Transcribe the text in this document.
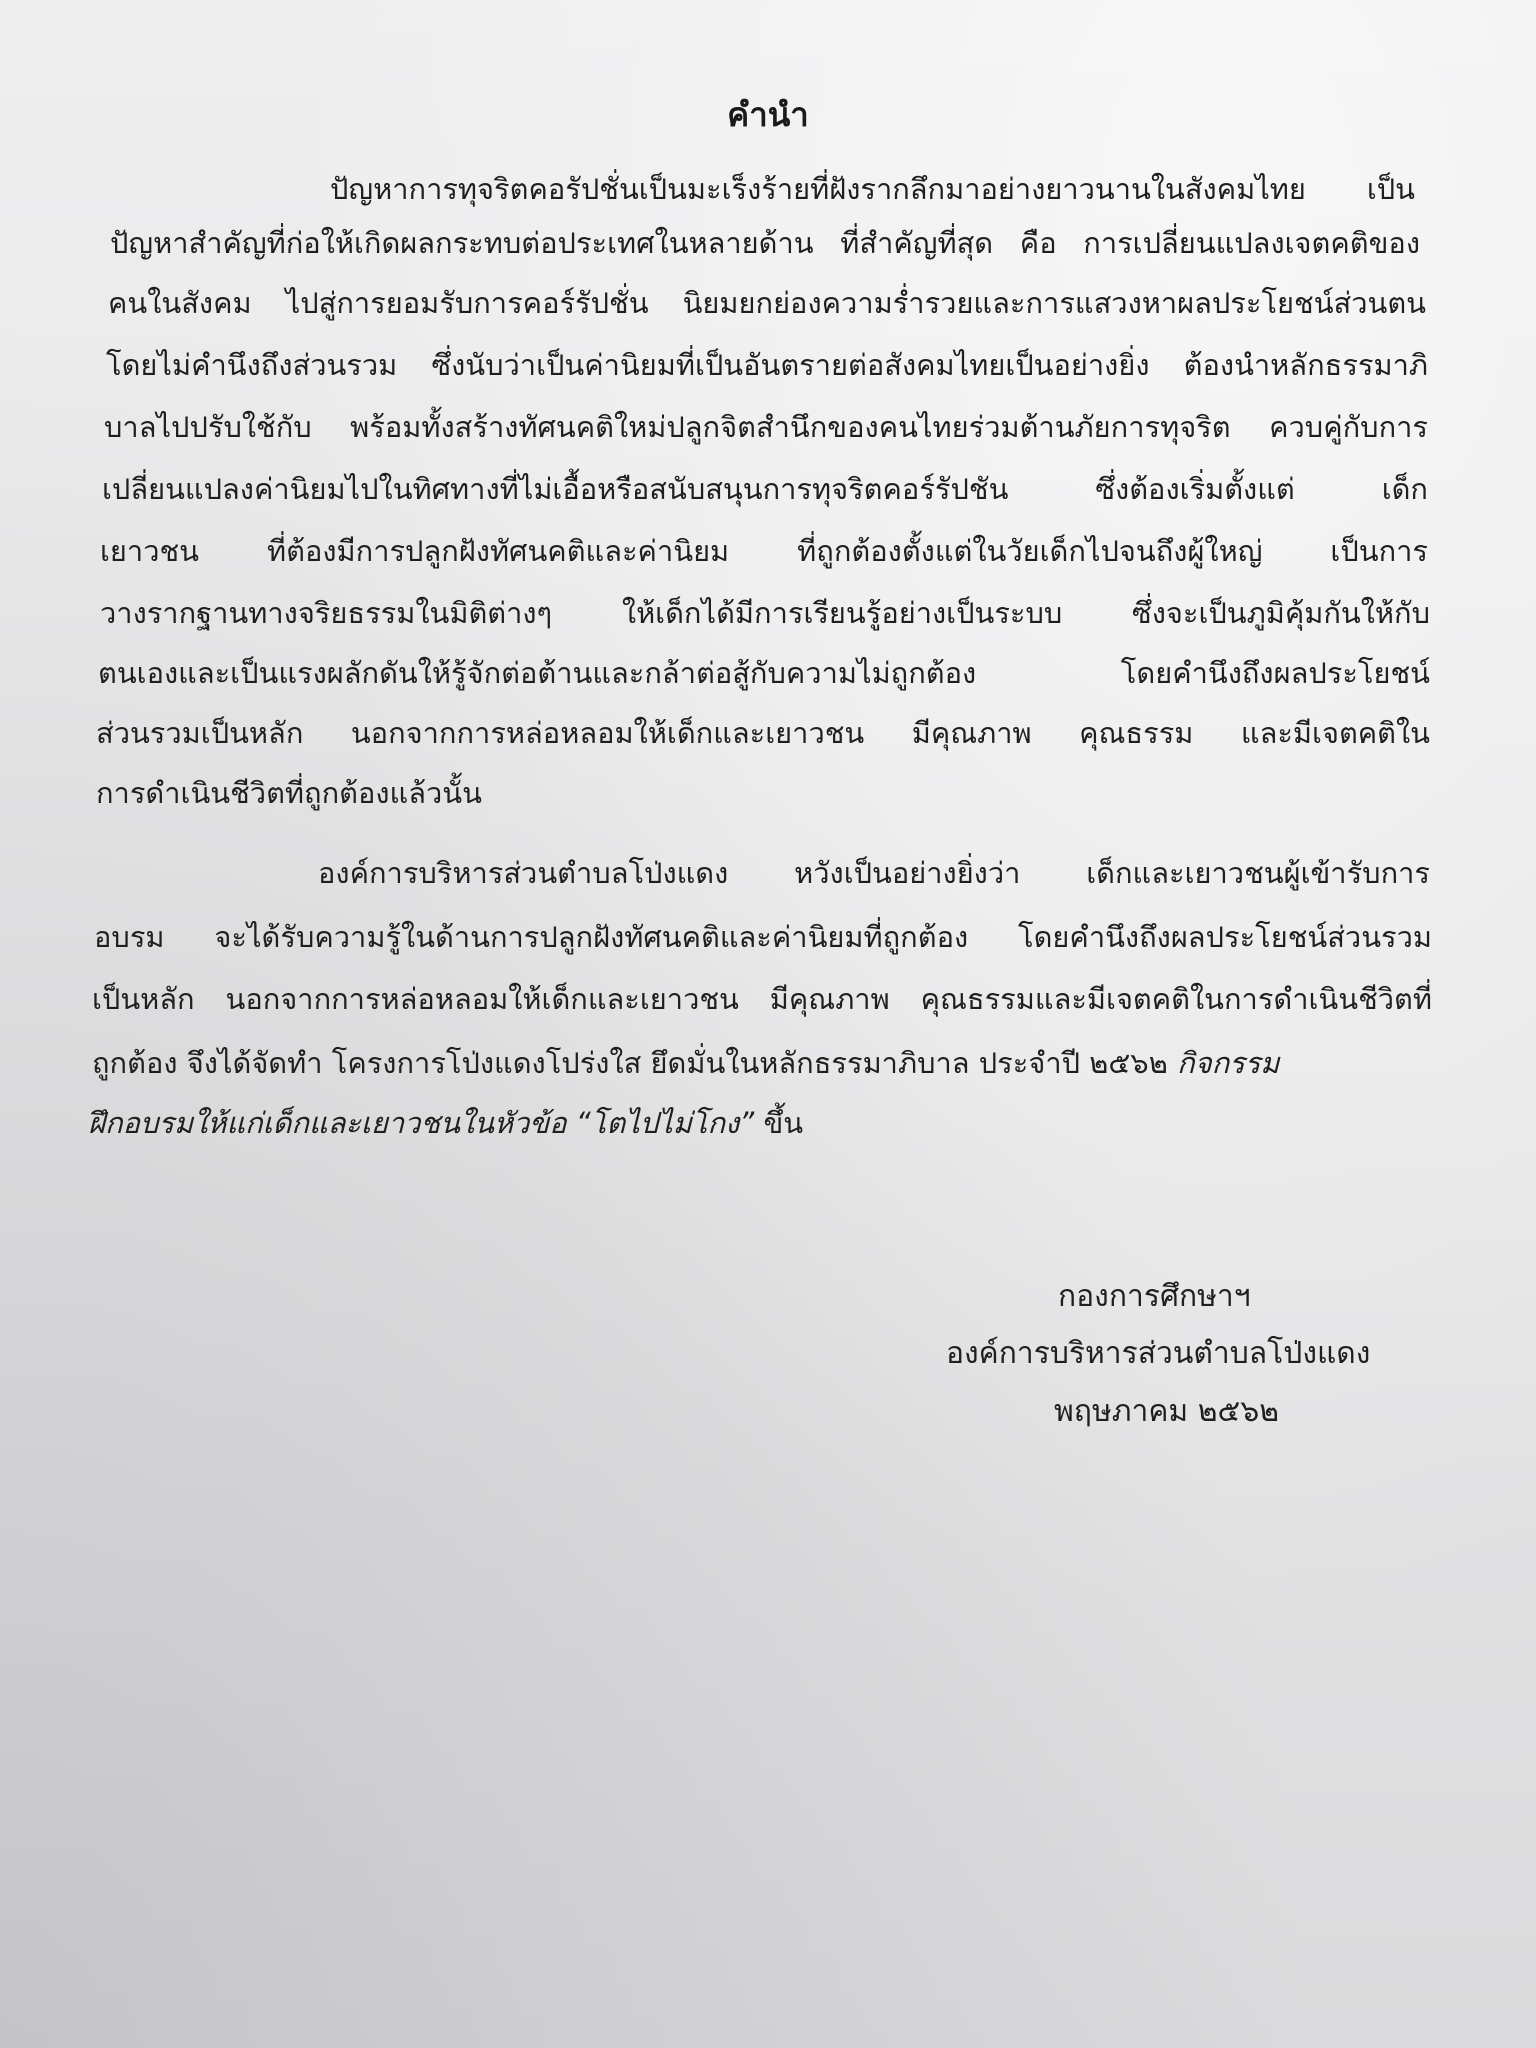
คำนำ

ปัญหาการทุจริตคอรัปชั่นเป็นมะเร็งร้ายที่ฝังรากลึกมาอย่างยาวนานในสังคมไทย เป็น

ปัญหาสำคัญที่ก่อให้เกิดผลกระทบต่อประเทศในหลายด้าน ที่สำคัญที่สุด คือ การเปลี่ยนแปลงเจตคติของ

คนในสังคม ไปสู่การยอมรับการคอร์รัปชั่น นิยมยกย่องความร่ำรวยและการแสวงหาผลประโยชน์ส่วนตน

โดยไม่คำนึงถึงส่วนรวม ซึ่งนับว่าเป็นค่านิยมที่เป็นอันตรายต่อสังคมไทยเป็นอย่างยิ่ง ต้องนำหลักธรรมาภิ

บาลไปปรับใช้กับ พร้อมทั้งสร้างทัศนคติใหม่ปลูกจิตสำนึกของคนไทยร่วมต้านภัยการทุจริต ควบคู่กับการ

เปลี่ยนแปลงค่านิยมไปในทิศทางที่ไม่เอื้อหรือสนับสนุนการทุจริตคอร์รัปชัน ซึ่งต้องเริ่มตั้งแต่ เด็ก

เยาวชน ที่ต้องมีการปลูกฝังทัศนคติและค่านิยม ที่ถูกต้องตั้งแต่ในวัยเด็กไปจนถึงผู้ใหญ่ เป็นการ

วางรากฐานทางจริยธรรมในมิติต่างๆ ให้เด็กได้มีการเรียนรู้อย่างเป็นระบบ ซึ่งจะเป็นภูมิคุ้มกันให้กับ

ตนเองและเป็นแรงผลักดันให้รู้จักต่อต้านและกล้าต่อสู้กับความไม่ถูกต้อง โดยคำนึงถึงผลประโยชน์

ส่วนรวมเป็นหลัก นอกจากการหล่อหลอมให้เด็กและเยาวชน มีคุณภาพ คุณธรรม และมีเจตคติใน

การดำเนินชีวิตที่ถูกต้องแล้วนั้น

องค์การบริหารส่วนตำบลโป่งแดง หวังเป็นอย่างยิ่งว่า เด็กและเยาวชนผู้เข้ารับการ

อบรม จะได้รับความรู้ในด้านการปลูกฝังทัศนคติและค่านิยมที่ถูกต้อง โดยคำนึงถึงผลประโยชน์ส่วนรวม

เป็นหลัก นอกจากการหล่อหลอมให้เด็กและเยาวชน มีคุณภาพ คุณธรรมและมีเจตคติในการดำเนินชีวิตที่

ถูกต้อง จึงได้จัดทำ โครงการโป่งแดงโปร่งใส ยึดมั่นในหลักธรรมาภิบาล ประจำปี ๒๕๖๒ กิจกรรม

ฝึกอบรมให้แก่เด็กและเยาวชนในหัวข้อ “โตไปไม่โกง” ขึ้น

กองการศึกษาฯ

องค์การบริหารส่วนตำบลโป่งแดง

พฤษภาคม ๒๕๖๒
